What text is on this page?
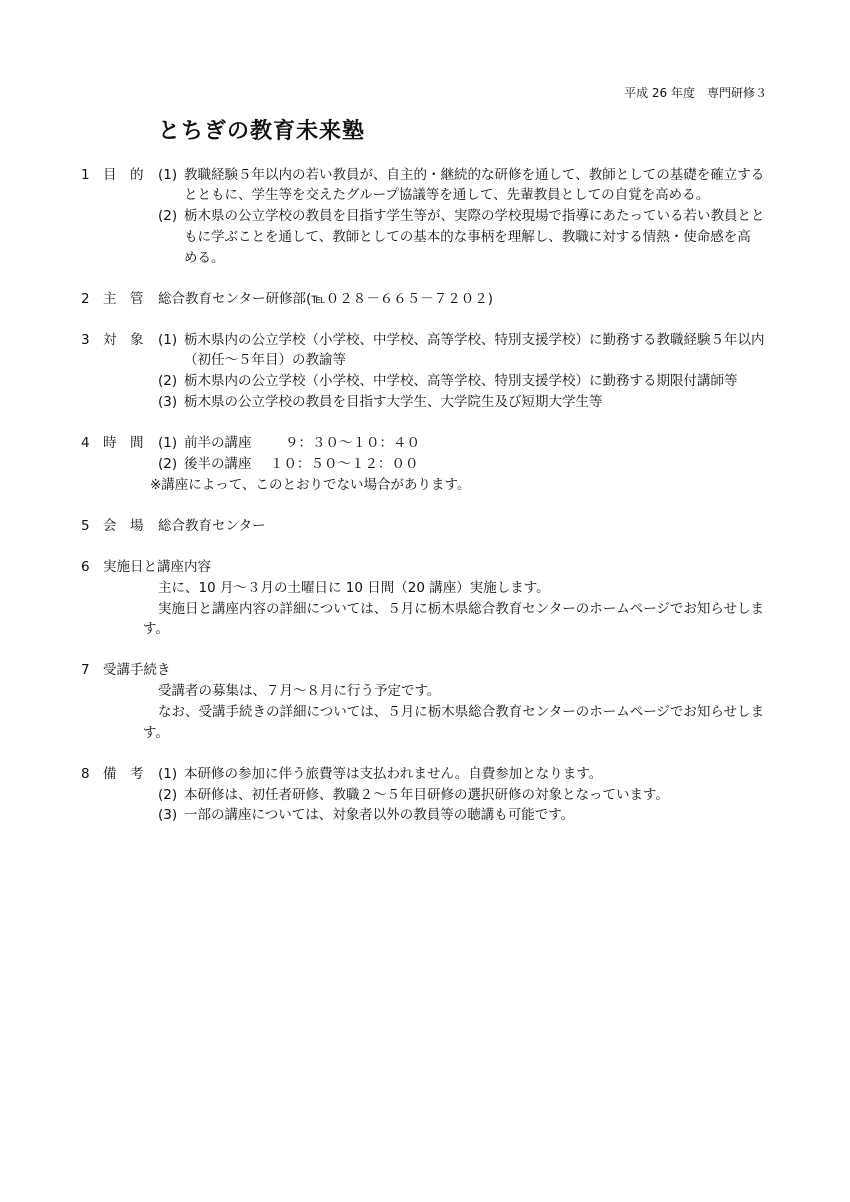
平成 26 年度　専門研修３
とちぎの教育未来塾
1 目　的 (1) 教職経験５年以内の若い教員が、自主的・継続的な研修を通して、教師としての基礎を確立する
とともに、学生等を交えたグループ協議等を通して、先輩教員としての自覚を高める。
(2) 栃木県の公立学校の教員を目指す学生等が、実際の学校現場で指導にあたっている若い教員とと
もに学ぶことを通して、教師としての基本的な事柄を理解し、教職に対する情熱・使命感を高
める。
2 主　管 総合教育センター研修部(℡０２８－６６５－７２０２)
3 対　象 (1) 栃木県内の公立学校（小学校、中学校、高等学校、特別支援学校）に勤務する教職経験５年以内
（初任～５年目）の教諭等
(2) 栃木県内の公立学校（小学校、中学校、高等学校、特別支援学校）に勤務する期限付講師等
(3) 栃木県の公立学校の教員を目指す大学生、大学院生及び短期大学生等
4 時　間 (1) 前半の講座 ９：３０～１０：４０
(2) 後半の講座 １０：５０～１２：００
※講座によって、このとおりでない場合があります。
5 会　場 総合教育センター
6 実施日と講座内容
主に、10 月～３月の土曜日に 10 日間（20 講座）実施します。
実施日と講座内容の詳細については、５月に栃木県総合教育センターのホームページでお知らせしま
す。
7 受講手続き
受講者の募集は、７月～８月に行う予定です。
なお、受講手続きの詳細については、５月に栃木県総合教育センターのホームページでお知らせしま
す。
8 備　考 (1) 本研修の参加に伴う旅費等は支払われません。自費参加となります。
(2) 本研修は、初任者研修、教職２～５年目研修の選択研修の対象となっています。
(3) 一部の講座については、対象者以外の教員等の聴講も可能です。
